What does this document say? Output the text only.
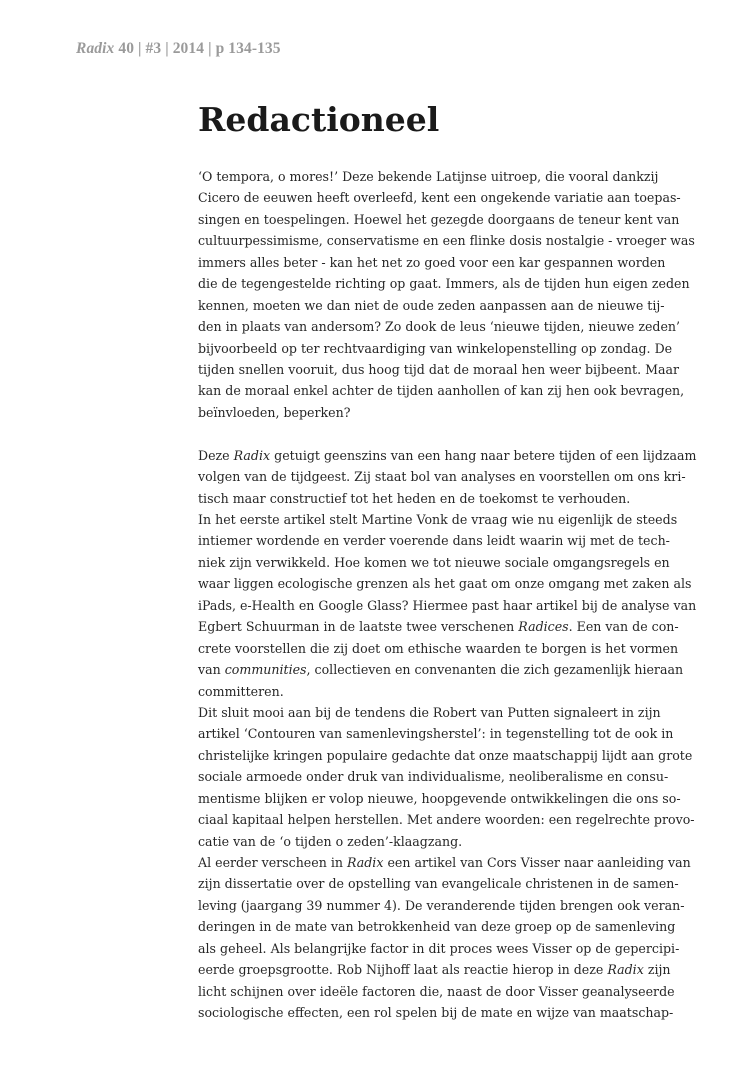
Radix 40 | #3 | 2014 | p 134-135
Redactioneel
‘O tempora, o mores!’ Deze bekende Latijnse uitroep, die vooral dankzij
Cicero de eeuwen heeft overleefd, kent een ongekende variatie aan toepas-
singen en toespelingen. Hoewel het gezegde doorgaans de teneur kent van
cultuurpessimisme, conservatisme en een flinke dosis nostalgie - vroeger was
immers alles beter - kan het net zo goed voor een kar gespannen worden
die de tegengestelde richting op gaat. Immers, als de tijden hun eigen zeden
kennen, moeten we dan niet de oude zeden aanpassen aan de nieuwe tij-
den in plaats van andersom? Zo dook de leus ‘nieuwe tijden, nieuwe zeden’
bijvoorbeeld op ter rechtvaardiging van winkelopenstelling op zondag. De
tijden snellen vooruit, dus hoog tijd dat de moraal hen weer bijbeent. Maar
kan de moraal enkel achter de tijden aanhollen of kan zij hen ook bevragen,
beïnvloeden, beperken?
Deze Radix getuigt geenszins van een hang naar betere tijden of een lijdzaam
volgen van de tijdgeest. Zij staat bol van analyses en voorstellen om ons kri-
tisch maar constructief tot het heden en de toekomst te verhouden.
In het eerste artikel stelt Martine Vonk de vraag wie nu eigenlijk de steeds
intiemer wordende en verder voerende dans leidt waarin wij met de tech-
niek zijn verwikkeld. Hoe komen we tot nieuwe sociale omgangsregels en
waar liggen ecologische grenzen als het gaat om onze omgang met zaken als
iPads, e-Health en Google Glass? Hiermee past haar artikel bij de analyse van
Egbert Schuurman in de laatste twee verschenen Radices. Een van de con-
crete voorstellen die zij doet om ethische waarden te borgen is het vormen
van communities, collectieven en convenanten die zich gezamenlijk hieraan
committeren.
Dit sluit mooi aan bij de tendens die Robert van Putten signaleert in zijn
artikel ‘Contouren van samenlevingsherstel’: in tegenstelling tot de ook in
christelijke kringen populaire gedachte dat onze maatschappij lijdt aan grote
sociale armoede onder druk van individualisme, neoliberalisme en consu-
mentisme blijken er volop nieuwe, hoopgevende ontwikkelingen die ons so-
ciaal kapitaal helpen herstellen. Met andere woorden: een regelrechte provo-
catie van de ‘o tijden o zeden’-klaagzang.
Al eerder verscheen in Radix een artikel van Cors Visser naar aanleiding van
zijn dissertatie over de opstelling van evangelicale christenen in de samen-
leving (jaargang 39 nummer 4). De veranderende tijden brengen ook veran-
deringen in de mate van betrokkenheid van deze groep op de samenleving
als geheel. Als belangrijke factor in dit proces wees Visser op de gepercipi-
eerde groepsgrootte. Rob Nijhoff laat als reactie hierop in deze Radix zijn
licht schijnen over ideële factoren die, naast de door Visser geanalyseerde
sociologische effecten, een rol spelen bij de mate en wijze van maatschap-
